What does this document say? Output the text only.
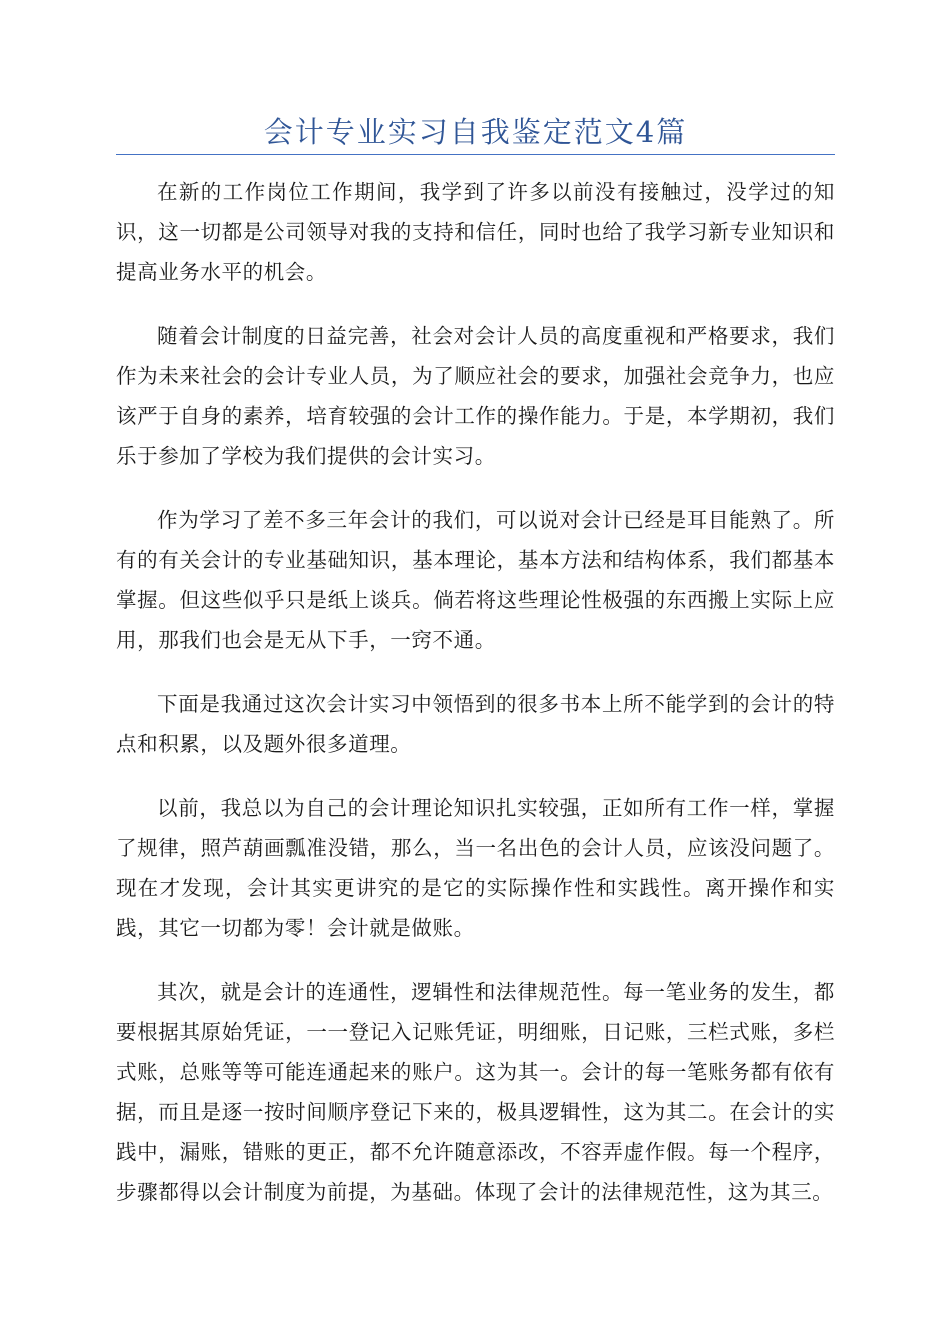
会计专业实习自我鉴定范文4篇

在新的工作岗位工作期间，我学到了许多以前没有接触过，没学过的知识，这一切都是公司领导对我的支持和信任，同时也给了我学习新专业知识和提高业务水平的机会。

随着会计制度的日益完善，社会对会计人员的高度重视和严格要求，我们作为未来社会的会计专业人员，为了顺应社会的要求，加强社会竞争力，也应该严于自身的素养，培育较强的会计工作的操作能力。于是，本学期初，我们乐于参加了学校为我们提供的会计实习。

作为学习了差不多三年会计的我们，可以说对会计已经是耳目能熟了。所有的有关会计的专业基础知识，基本理论，基本方法和结构体系，我们都基本掌握。但这些似乎只是纸上谈兵。倘若将这些理论性极强的东西搬上实际上应用，那我们也会是无从下手，一窍不通。

下面是我通过这次会计实习中领悟到的很多书本上所不能学到的会计的特点和积累，以及题外很多道理。

以前，我总以为自己的会计理论知识扎实较强，正如所有工作一样，掌握了规律，照芦葫画瓢准没错，那么，当一名出色的会计人员，应该没问题了。现在才发现，会计其实更讲究的是它的实际操作性和实践性。离开操作和实践，其它一切都为零！会计就是做账。

其次，就是会计的连通性，逻辑性和法律规范性。每一笔业务的发生，都要根据其原始凭证，一一登记入记账凭证，明细账，日记账，三栏式账，多栏式账，总账等等可能连通起来的账户。这为其一。会计的每一笔账务都有依有据，而且是逐一按时间顺序登记下来的，极具逻辑性，这为其二。在会计的实践中，漏账，错账的更正，都不允许随意添改，不容弄虚作假。每一个程序，步骤都得以会计制度为前提，为基础。体现了会计的法律规范性，这为其三。
